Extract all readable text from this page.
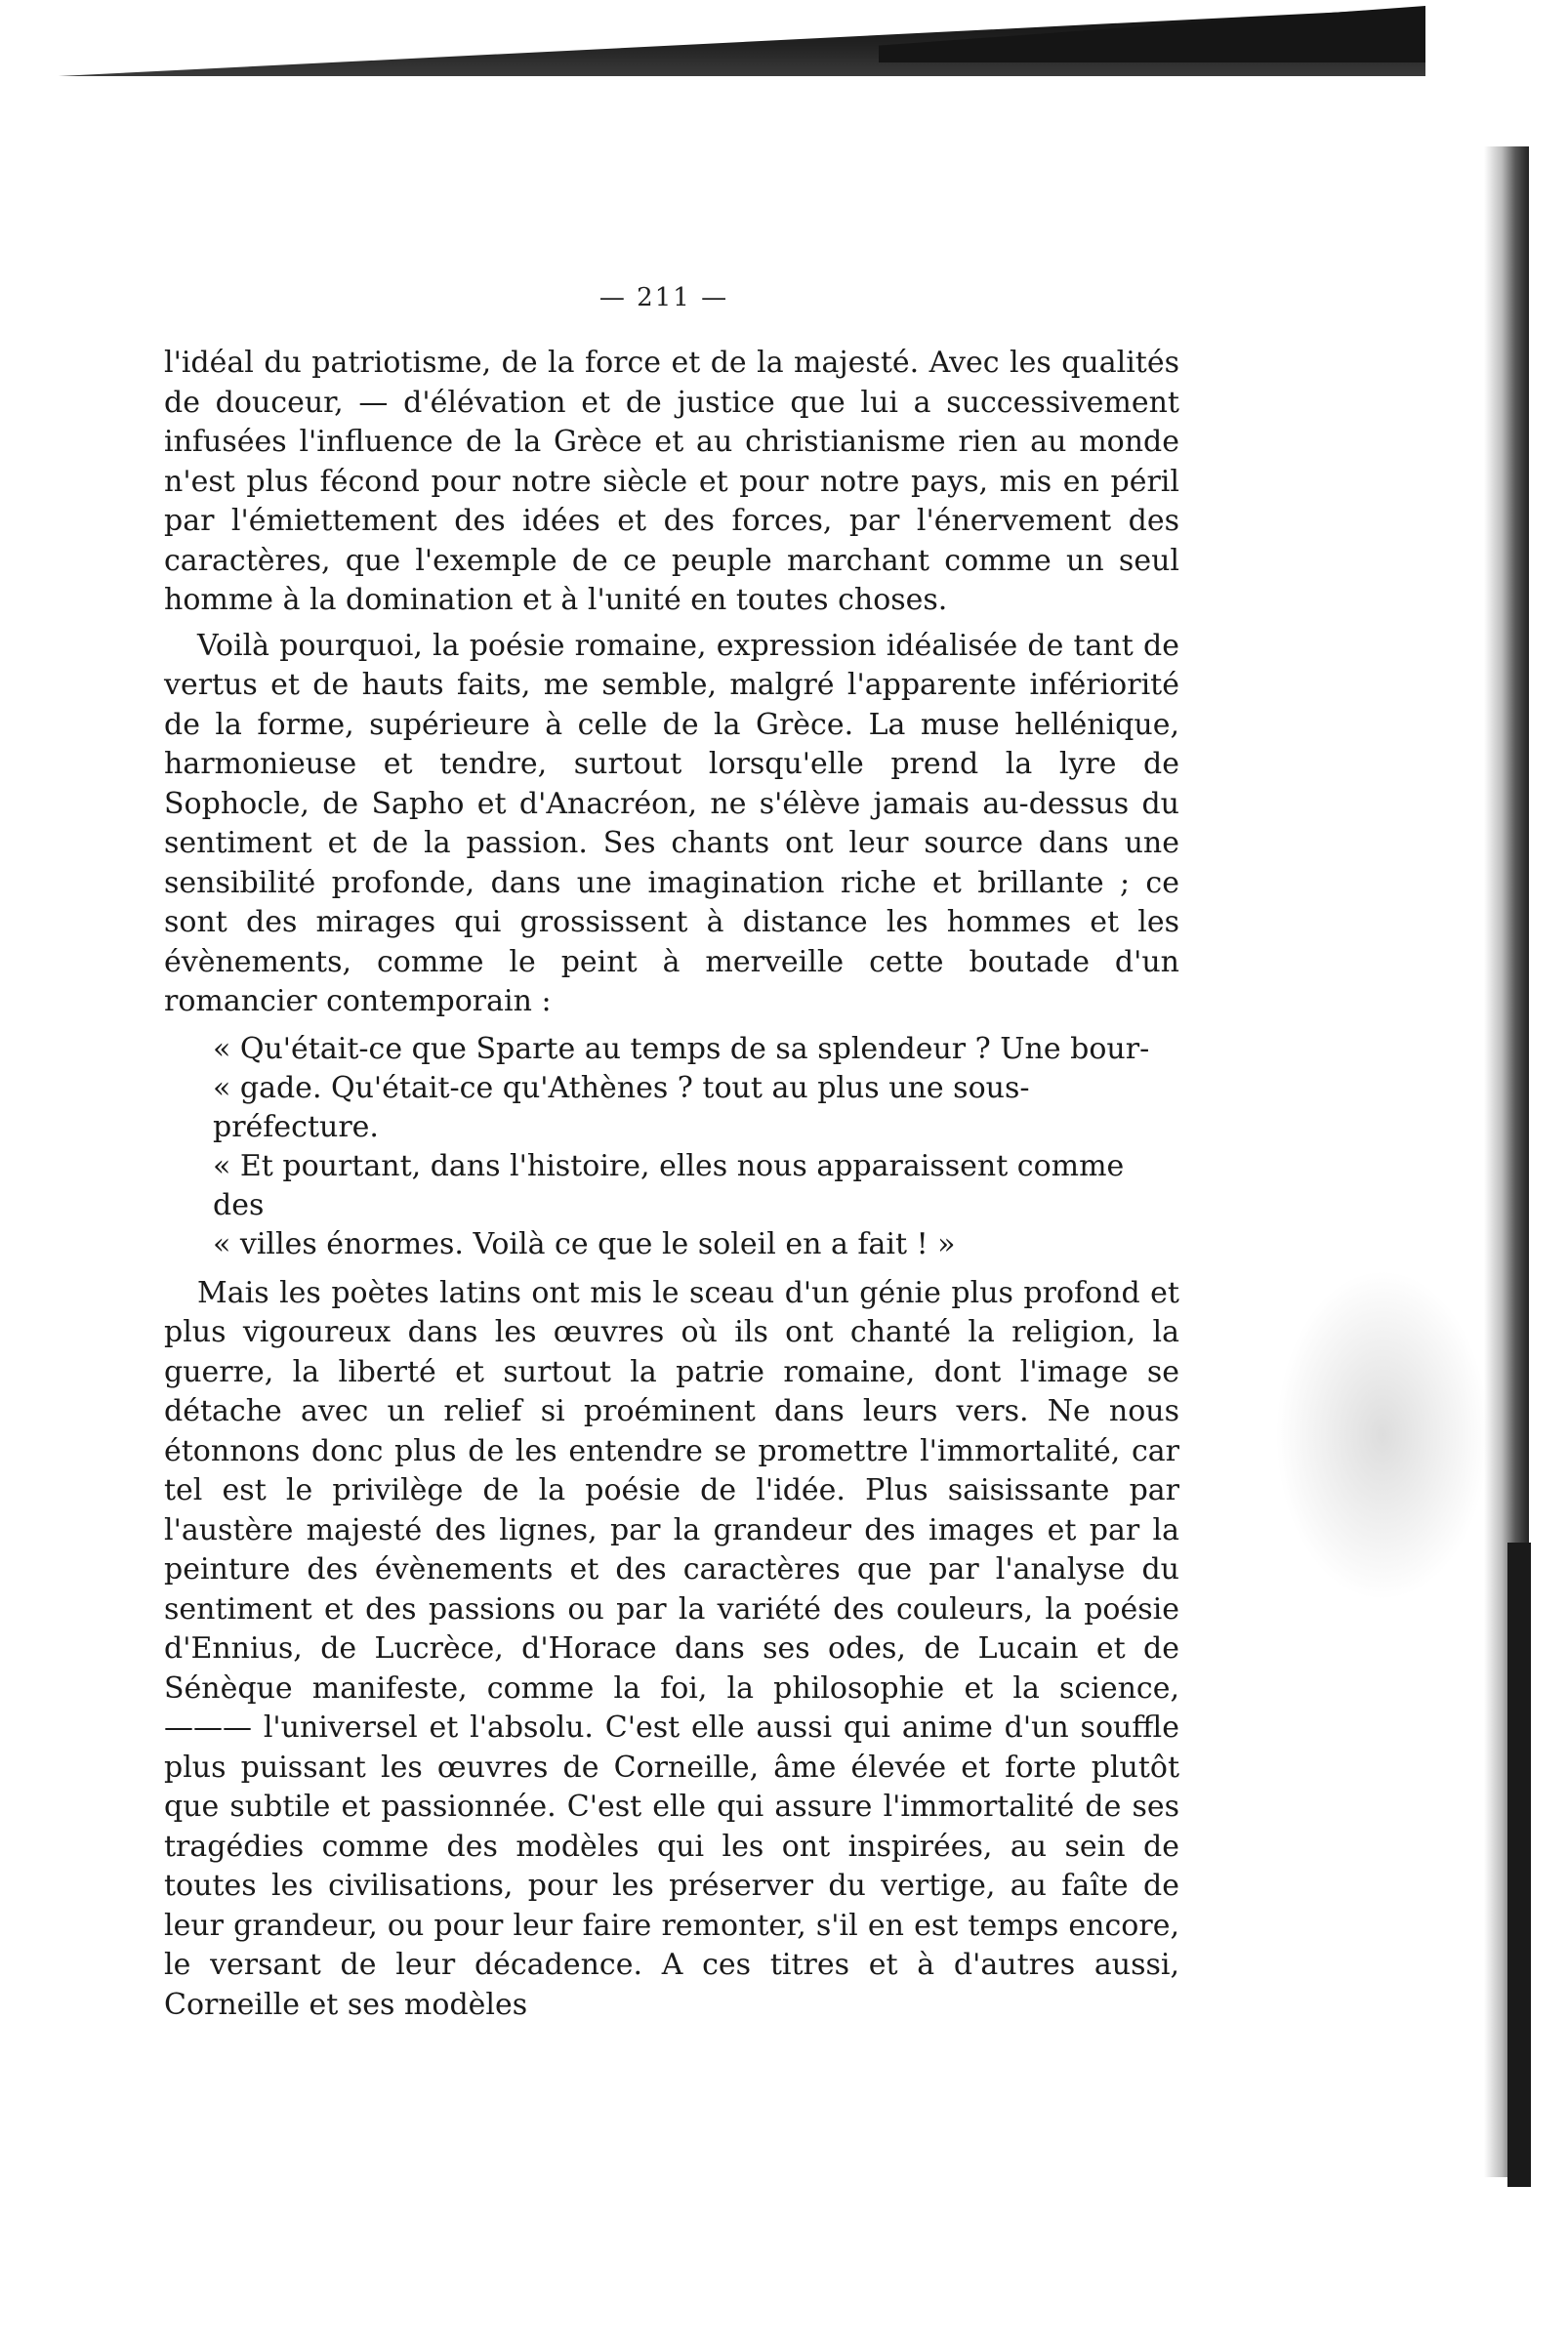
— 211 —

l'idéal du patriotisme, de la force et de la majesté. Avec les qualités de douceur, — d'élévation et de justice que lui a successivement infusées l'influence de la Grèce et au christianisme rien au monde n'est plus fécond pour notre siècle et pour notre pays, mis en péril par l'émiettement des idées et des forces, par l'énervement des caractères, que l'exemple de ce peuple marchant comme un seul homme à la domination et à l'unité en toutes choses.

Voilà pourquoi, la poésie romaine, expression idéalisée de tant de vertus et de hauts faits, me semble, malgré l'apparente infériorité de la forme, supérieure à celle de la Grèce. La muse hellénique, harmonieuse et tendre, surtout lorsqu'elle prend la lyre de Sophocle, de Sapho et d'Anacréon, ne s'élève jamais au-dessus du sentiment et de la passion. Ses chants ont leur source dans une sensibilité profonde, dans une imagination riche et brillante ; ce sont des mirages qui grossissent à distance les hommes et les évènements, comme le peint à merveille cette boutade d'un romancier contemporain :

« Qu'était-ce que Sparte au temps de sa splendeur ? Une bour-
« gade. Qu'était-ce qu'Athènes ? tout au plus une sous-préfecture.
« Et pourtant, dans l'histoire, elles nous apparaissent comme des
« villes énormes. Voilà ce que le soleil en a fait ! »

Mais les poètes latins ont mis le sceau d'un génie plus profond et plus vigoureux dans les œuvres où ils ont chanté la religion, la guerre, la liberté et surtout la patrie romaine, dont l'image se détache avec un relief si proéminent dans leurs vers. Ne nous étonnons donc plus de les entendre se promettre l'immortalité, car tel est le privilège de la poésie de l'idée. Plus saisissante par l'austère majesté des lignes, par la grandeur des images et par la peinture des évènements et des caractères que par l'analyse du sentiment et des passions ou par la variété des couleurs, la poésie d'Ennius, de Lucrèce, d'Horace dans ses odes, de Lucain et de Sénèque manifeste, comme la foi, la philosophie et la science, ——— l'universel et l'absolu. C'est elle aussi qui anime d'un souffle plus puissant les œuvres de Corneille, âme élevée et forte plutôt que subtile et passionnée. C'est elle qui assure l'immortalité de ses tragédies comme des modèles qui les ont inspirées, au sein de toutes les civilisations, pour les préserver du vertige, au faîte de leur grandeur, ou pour leur faire remonter, s'il en est temps encore, le versant de leur décadence. A ces titres et à d'autres aussi, Corneille et ses modèles
